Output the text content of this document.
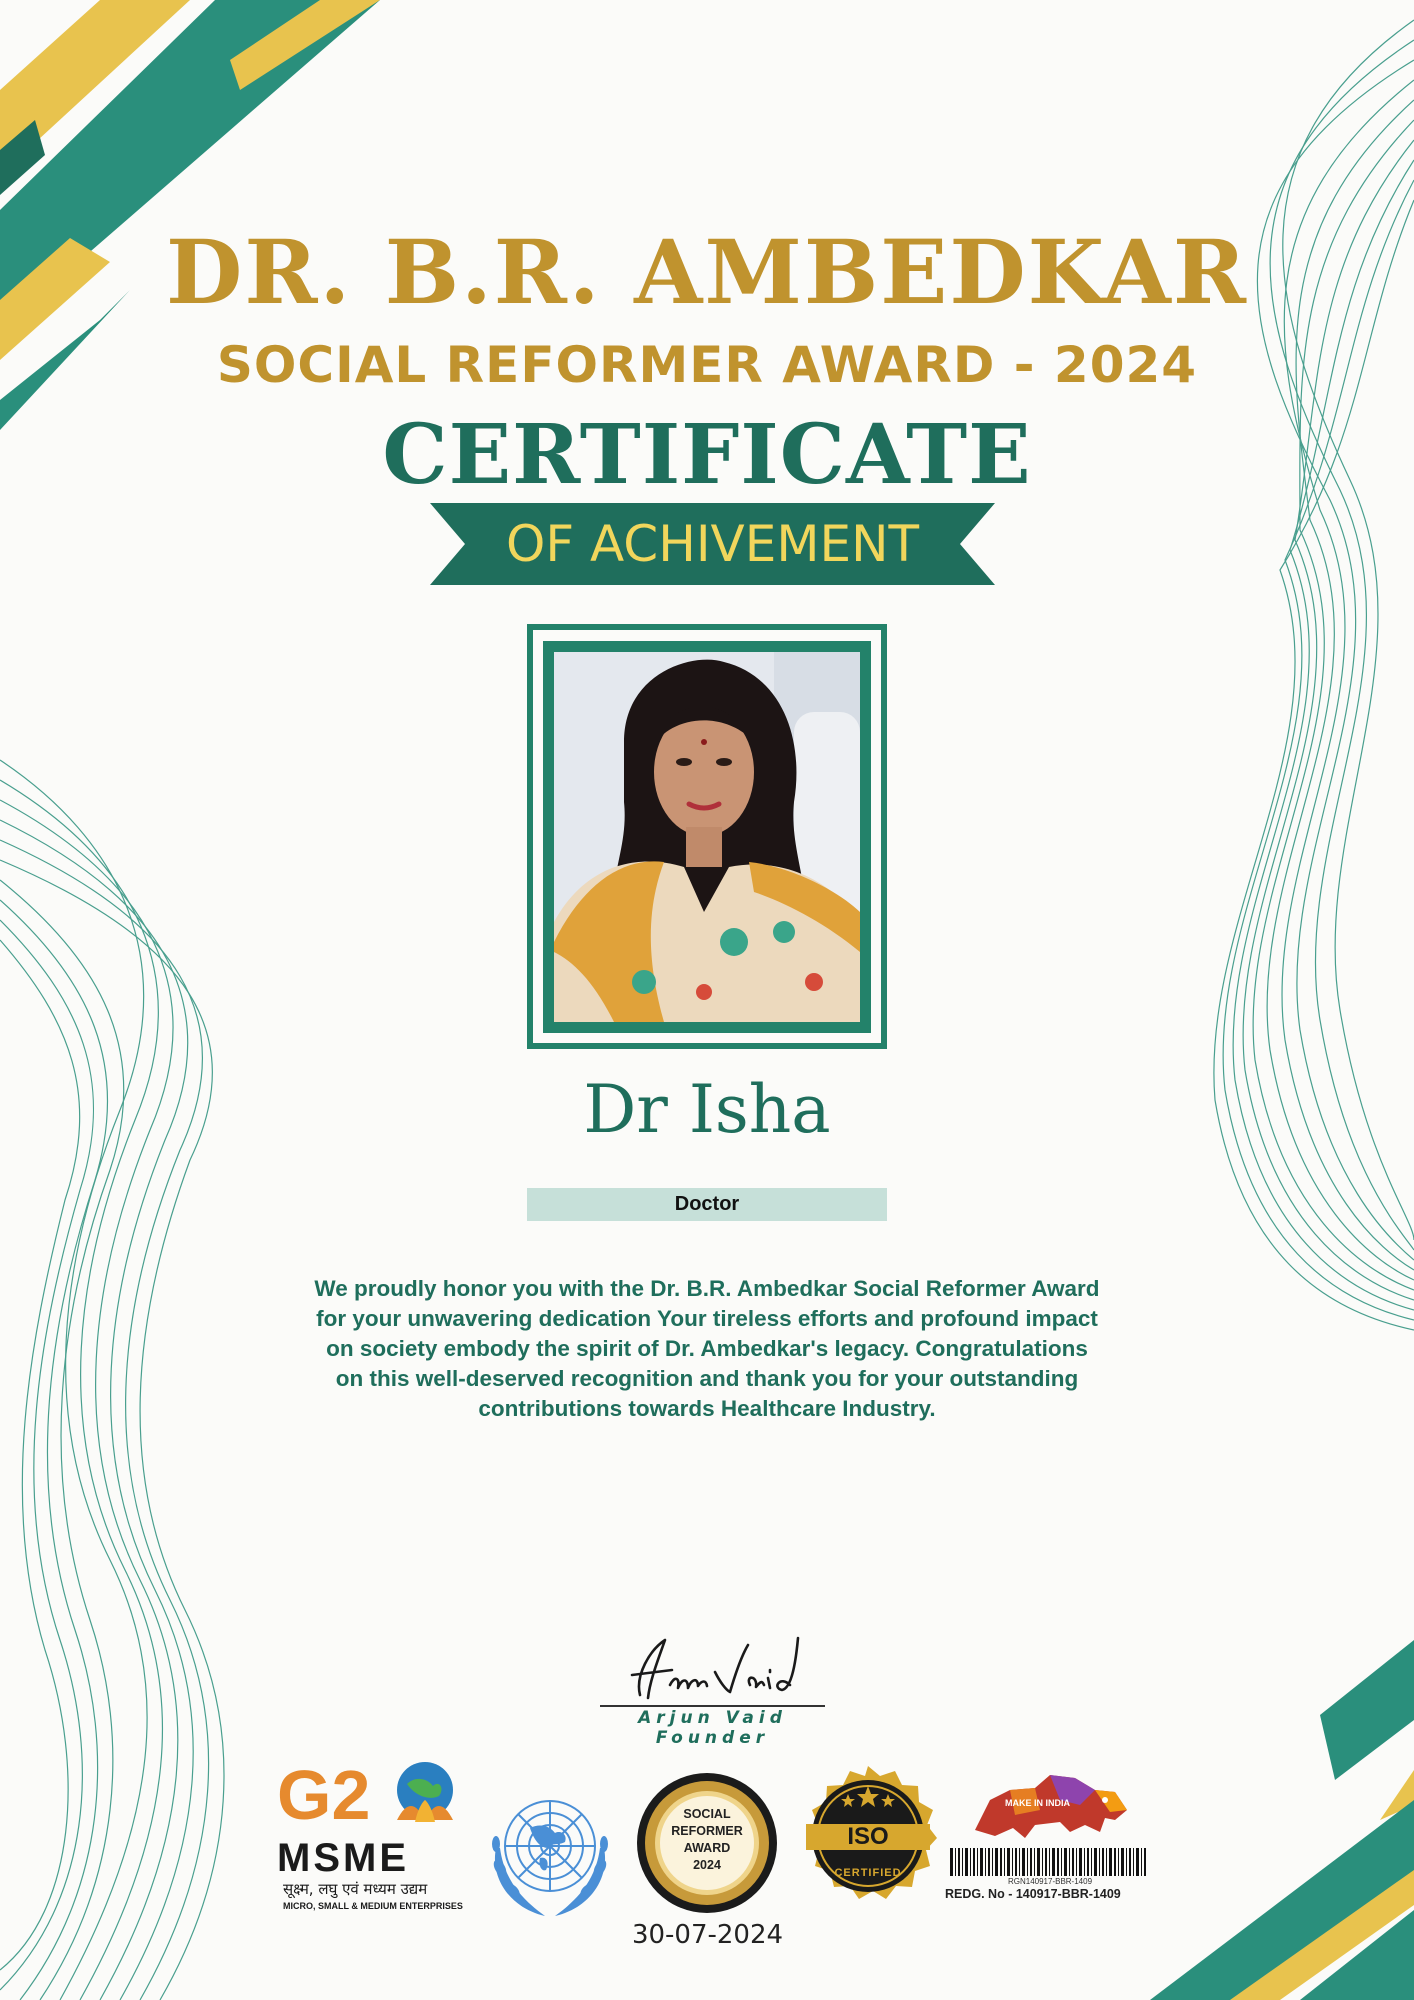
DR. B.R. AMBEDKAR
SOCIAL REFORMER AWARD - 2024
CERTIFICATE
OF ACHIVEMENT
Dr Isha
Doctor
We proudly honor you with the Dr. B.R. Ambedkar Social Reformer Award
for your unwavering dedication Your tireless efforts and profound impact
on society embody the spirit of Dr. Ambedkar's legacy. Congratulations
on this well-deserved recognition and thank you for your outstanding
contributions towards Healthcare Industry.
Arjun Vaid
Founder
G2
MSME
सूक्ष्म, लघु एवं मध्यम उद्यम
MICRO, SMALL & MEDIUM ENTERPRISES
SOCIAL
REFORMER
AWARD
2024
ISO
CERTIFIED
MAKE IN INDIA
RGN140917-BBR-1409
REDG. No - 140917-BBR-1409
30-07-2024
